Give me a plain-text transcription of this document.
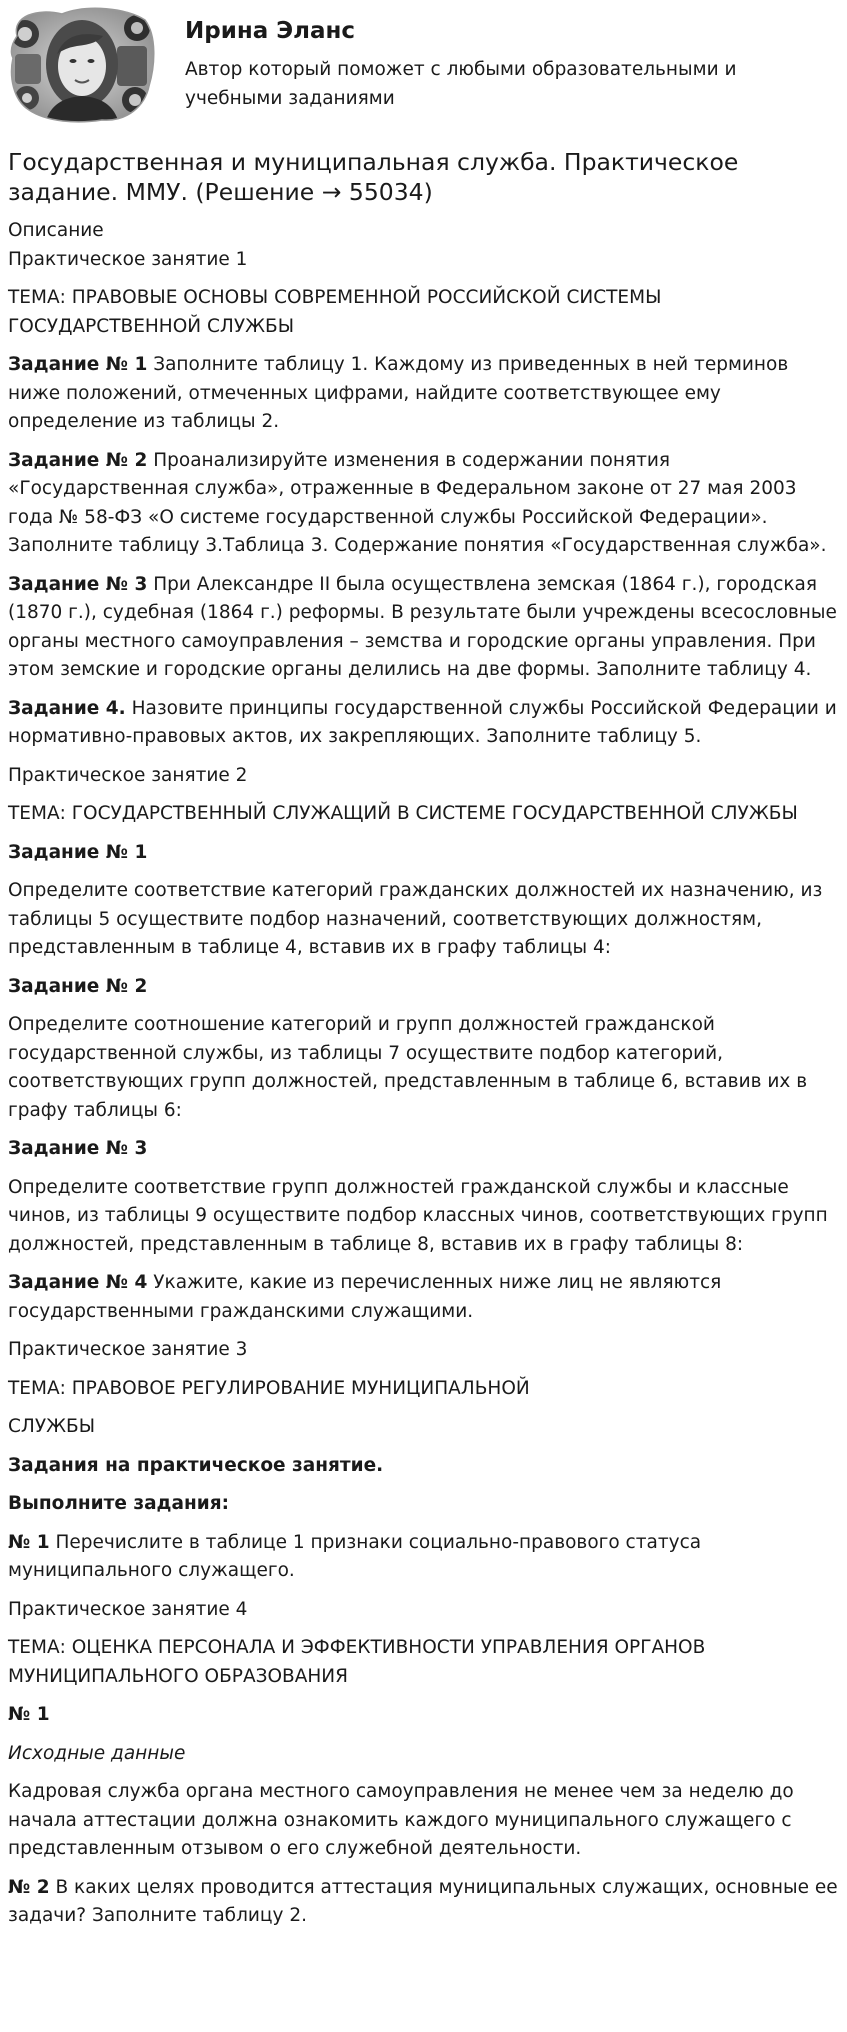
Ирина Эланс
Автор который поможет с любыми образовательными и учебными заданиями
Государственная и муниципальная служба. Практическое задание. ММУ. (Решение → 55034)

Описание

Практическое занятие 1

ТЕМА: ПРАВОВЫЕ ОСНОВЫ СОВРЕМЕННОЙ РОССИЙСКОЙ СИСТЕМЫ ГОСУДАРСТВЕННОЙ СЛУЖБЫ

Задание № 1 Заполните таблицу 1. Каждому из приведенных в ней терминов ниже положений, отмеченных цифрами, найдите соответствующее ему определение из таблицы 2.

Задание № 2 Проанализируйте изменения в содержании понятия «Государственная служба», отраженные в Федеральном законе от 27 мая 2003 года № 58-ФЗ «О системе государственной службы Российской Федерации». Заполните таблицу 3.Таблица 3. Содержание понятия «Государственная служба».

Задание № 3 При Александре II была осуществлена земская (1864 г.), городская (1870 г.), судебная (1864 г.) реформы. В результате были учреждены всесословные органы местного самоуправления – земства и городские органы управления. При этом земские и городские органы делились на две формы. Заполните таблицу 4.

Задание 4. Назовите принципы государственной службы Российской Федерации и нормативно-правовых актов, их закрепляющих. Заполните таблицу 5.

Практическое занятие 2

ТЕМА: ГОСУДАРСТВЕННЫЙ СЛУЖАЩИЙ В СИСТЕМЕ ГОСУДАРСТВЕННОЙ СЛУЖБЫ

Задание № 1

Определите соответствие категорий гражданских должностей их назначению, из таблицы 5 осуществите подбор назначений, соответствующих должностям, представленным в таблице 4, вставив их в графу таблицы 4:

Задание № 2

Определите соотношение категорий и групп должностей гражданской государственной службы, из таблицы 7 осуществите подбор категорий, соответствующих групп должностей, представленным в таблице 6, вставив их в графу таблицы 6:

Задание № 3

Определите соответствие групп должностей гражданской службы и классные чинов, из таблицы 9 осуществите подбор классных чинов, соответствующих групп должностей, представленным в таблице 8, вставив их в графу таблицы 8:

Задание № 4 Укажите, какие из перечисленных ниже лиц не являются государственными гражданскими служащими.

Практическое занятие 3

ТЕМА: ПРАВОВОЕ РЕГУЛИРОВАНИЕ МУНИЦИПАЛЬНОЙ

СЛУЖБЫ

Задания на практическое занятие.

Выполните задания:

№ 1 Перечислите в таблице 1 признаки социально-правового статуса муниципального служащего.

Практическое занятие 4

ТЕМА: ОЦЕНКА ПЕРСОНАЛА И ЭФФЕКТИВНОСТИ УПРАВЛЕНИЯ ОРГАНОВ МУНИЦИПАЛЬНОГО ОБРАЗОВАНИЯ

№ 1

Исходные данные

Кадровая служба органа местного самоуправления не менее чем за неделю до начала аттестации должна ознакомить каждого муниципального служащего с представленным отзывом о его служебной деятельности.

№ 2 В каких целях проводится аттестация муниципальных служащих, основные ее задачи? Заполните таблицу 2.
